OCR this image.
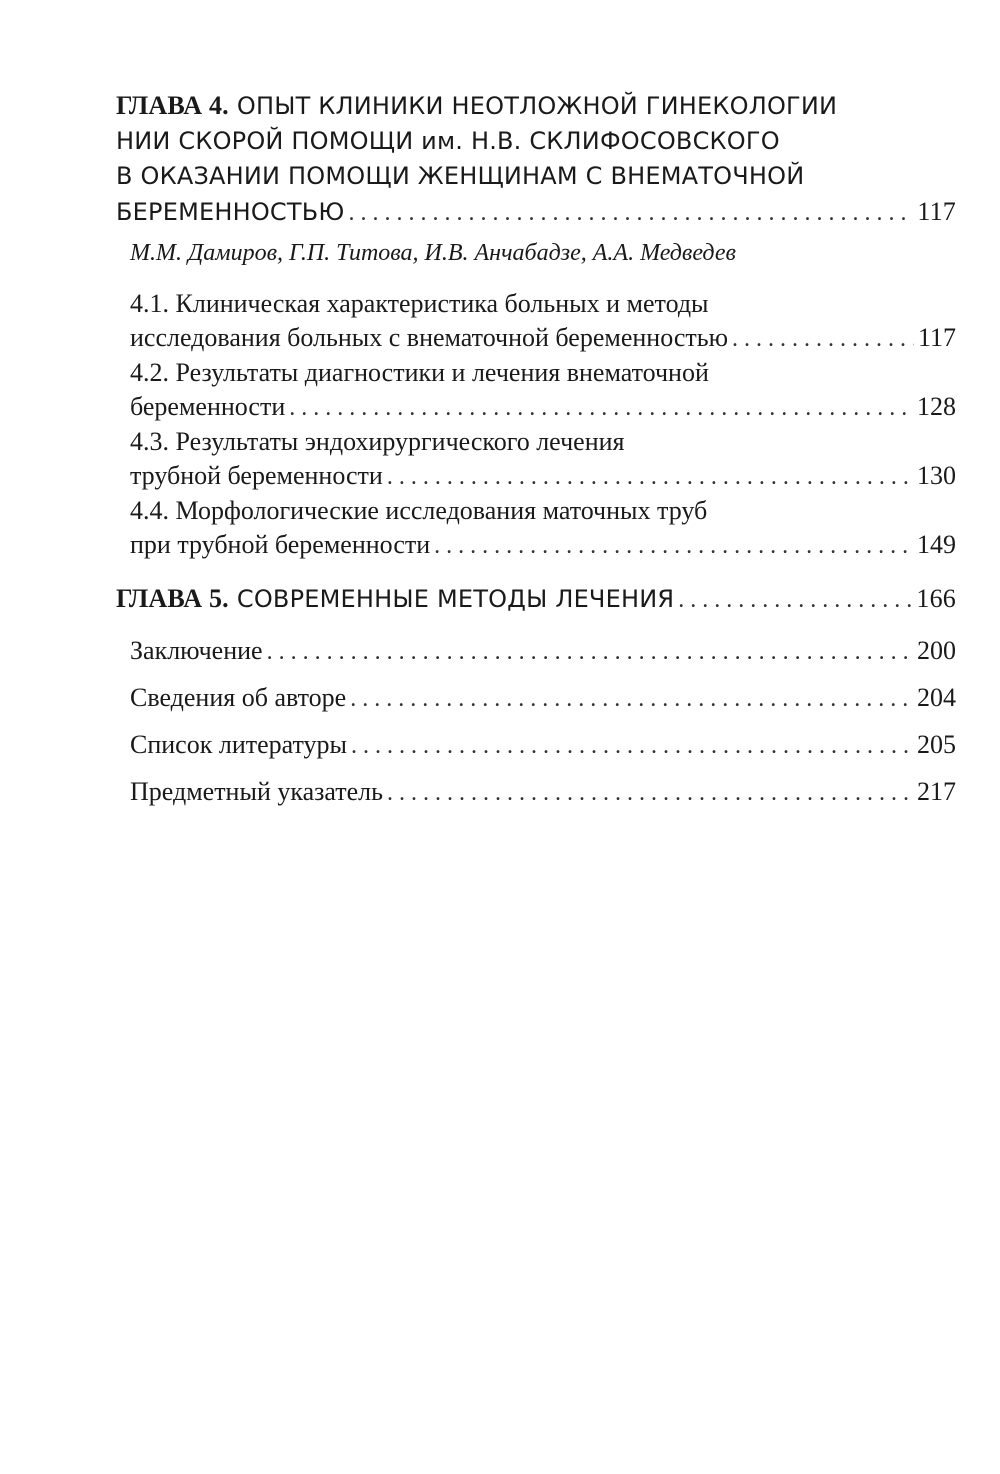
ГЛАВА 4. ОПЫТ КЛИНИКИ НЕОТЛОЖНОЙ ГИНЕКОЛОГИИ
НИИ СКОРОЙ ПОМОЩИ им. Н.В. СКЛИФОСОВСКОГО
В ОКАЗАНИИ ПОМОЩИ ЖЕНЩИНАМ С ВНЕМАТОЧНОЙ
БЕРЕМЕННОСТЬЮ . . .	117
М.М. Дамиров, Г.П. Титова, И.В. Анчабадзе, А.А. Медведев
4.1. Клиническая характеристика больных и методы
исследования больных с внематочной беременностью . . .	117
4.2. Результаты диагностики и лечения внематочной
беременности . . .	128
4.3. Результаты эндохирургического лечения
трубной беременности . . .	130
4.4. Морфологические исследования маточных труб
при трубной беременности . . .	149
ГЛАВА 5. СОВРЕМЕННЫЕ МЕТОДЫ ЛЕЧЕНИЯ . . .	166
Заключение . . .	200
Сведения об авторе . . .	204
Список литературы . . .	205
Предметный указатель . . .	217
